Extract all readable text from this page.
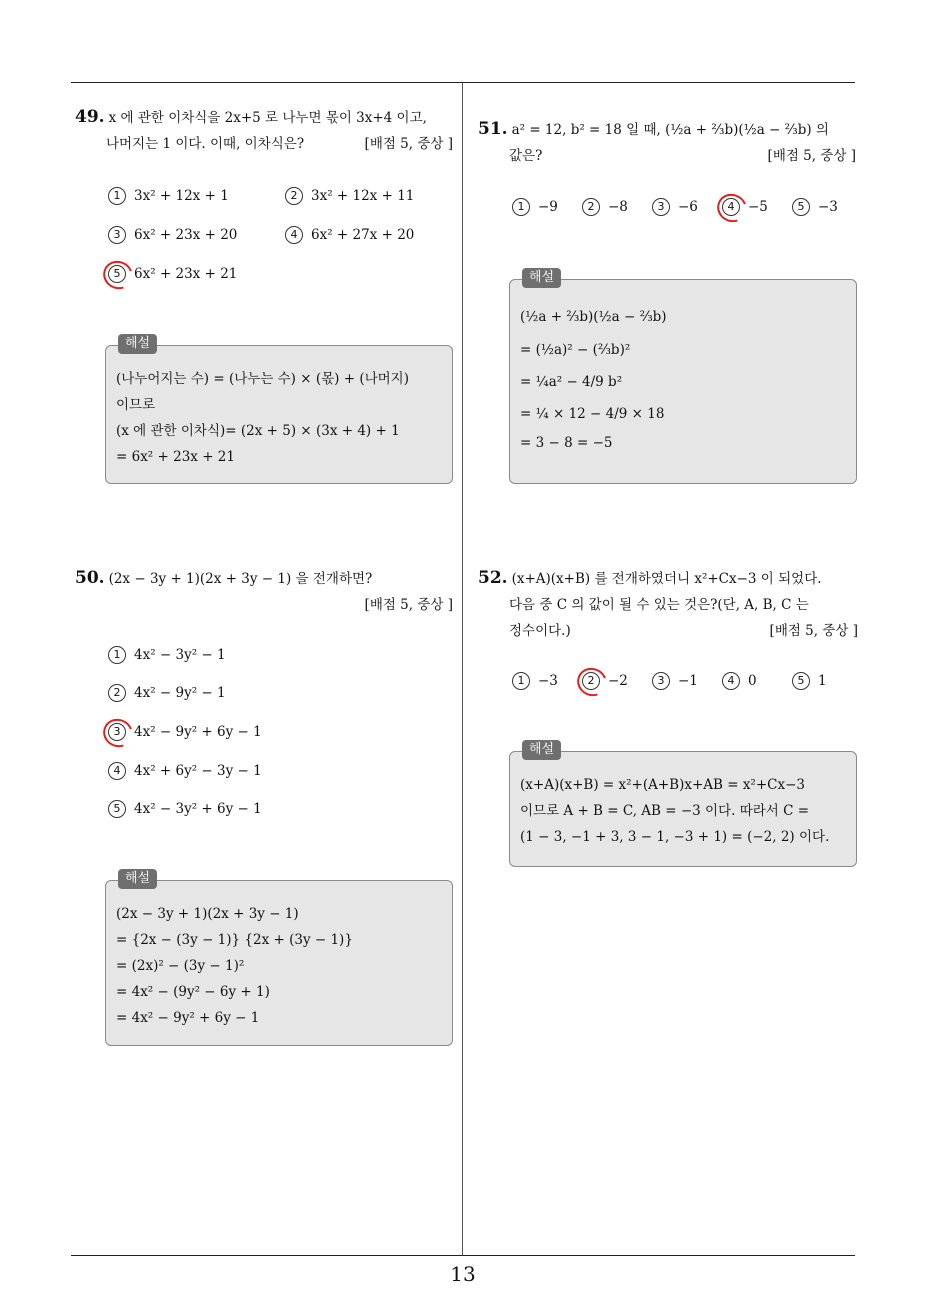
49. x 에 관한 이차식을 2x+5 로 나누면 몫이 3x+4 이고,
나머지는 1 이다. 이때, 이차식은?	[배점 5, 중상 ]
1 3x² + 12x + 1	2 3x² + 12x + 11
3 6x² + 23x + 20	4 6x² + 27x + 20
5 6x² + 23x + 21
해설
(나누어지는 수) = (나누는 수) × (몫) + (나머지)
이므로
(x 에 관한 이차식)= (2x + 5) × (3x + 4) + 1
= 6x² + 23x + 21
50. (2x − 3y + 1)(2x + 3y − 1) 을 전개하면?
[배점 5, 중상 ]
1 4x² − 3y² − 1
2 4x² − 9y² − 1
3 4x² − 9y² + 6y − 1
4 4x² + 6y² − 3y − 1
5 4x² − 3y² + 6y − 1
해설
(2x − 3y + 1)(2x + 3y − 1)
= {2x − (3y − 1)} {2x + (3y − 1)}
= (2x)² − (3y − 1)²
= 4x² − (9y² − 6y + 1)
= 4x² − 9y² + 6y − 1
51. a² = 12, b² = 18 일 때, (½a + ⅔b)(½a − ⅔b) 의
값은?	[배점 5, 중상 ]
1 −9	2 −8	3 −6	4 −5	5 −3
해설
(½a + ⅔b)(½a − ⅔b)
= (½a)² − (⅔b)²
= ¼a² − 4/9 b²
= ¼ × 12 − 4/9 × 18
= 3 − 8 = −5
52. (x+A)(x+B) 를 전개하였더니 x²+Cx−3 이 되었다.
다음 중 C 의 값이 될 수 있는 것은?(단, A, B, C 는
정수이다.)	[배점 5, 중상 ]
1 −3	2 −2	3 −1	4 0	5 1
해설
(x+A)(x+B) = x²+(A+B)x+AB = x²+Cx−3
이므로 A + B = C, AB = −3 이다. 따라서 C =
(1 − 3, −1 + 3, 3 − 1, −3 + 1) = (−2, 2) 이다.
13
